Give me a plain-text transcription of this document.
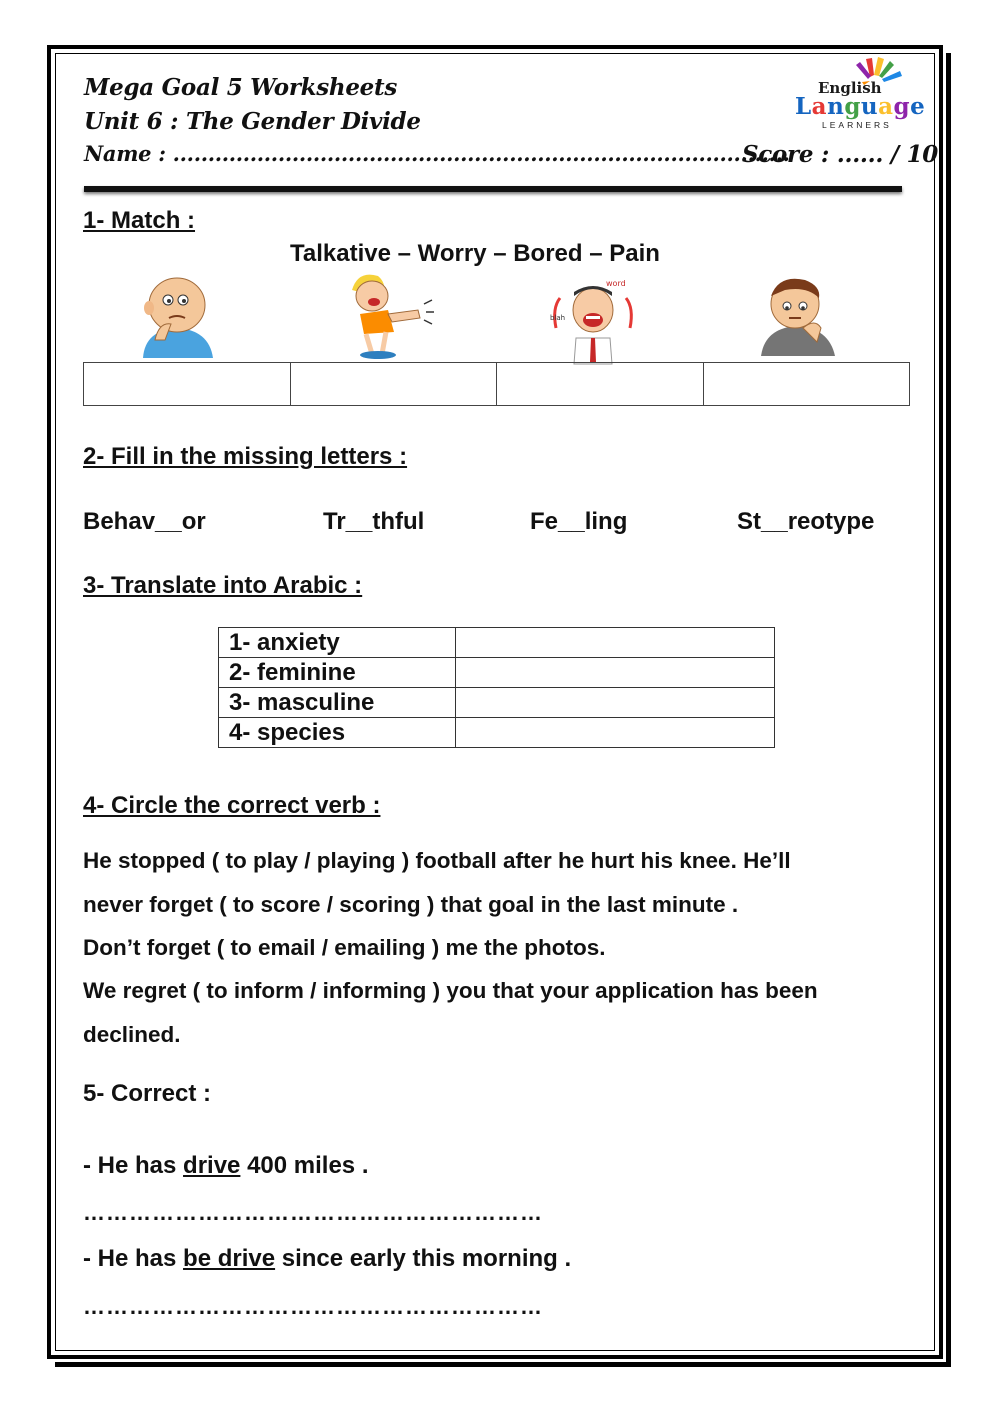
Mega Goal 5 Worksheets
Unit 6 : The Gender Divide
Name : ........................................................................................
Score : ...... / 10
English
Language
LEARNERS
1- Match :
Talkative – Worry – Bored – Pain
word
blah

2- Fill in the missing letters :
Behav__or	Tr__thful	Fe__ling	St__reotype
3- Translate into Arabic :
1- anxiety	
2- feminine	
3- masculine	
4- species	
4- Circle the correct verb :
He stopped ( to play / playing ) football after he hurt his knee. He’ll
never forget ( to score / scoring ) that goal in the last minute .
Don’t forget ( to email / emailing ) me the photos.
We regret ( to inform / informing ) you that your application has been
declined.
5- Correct :
- He has drive 400 miles .
……………………………………………………
- He has be drive since early this morning .
……………………………………………………
